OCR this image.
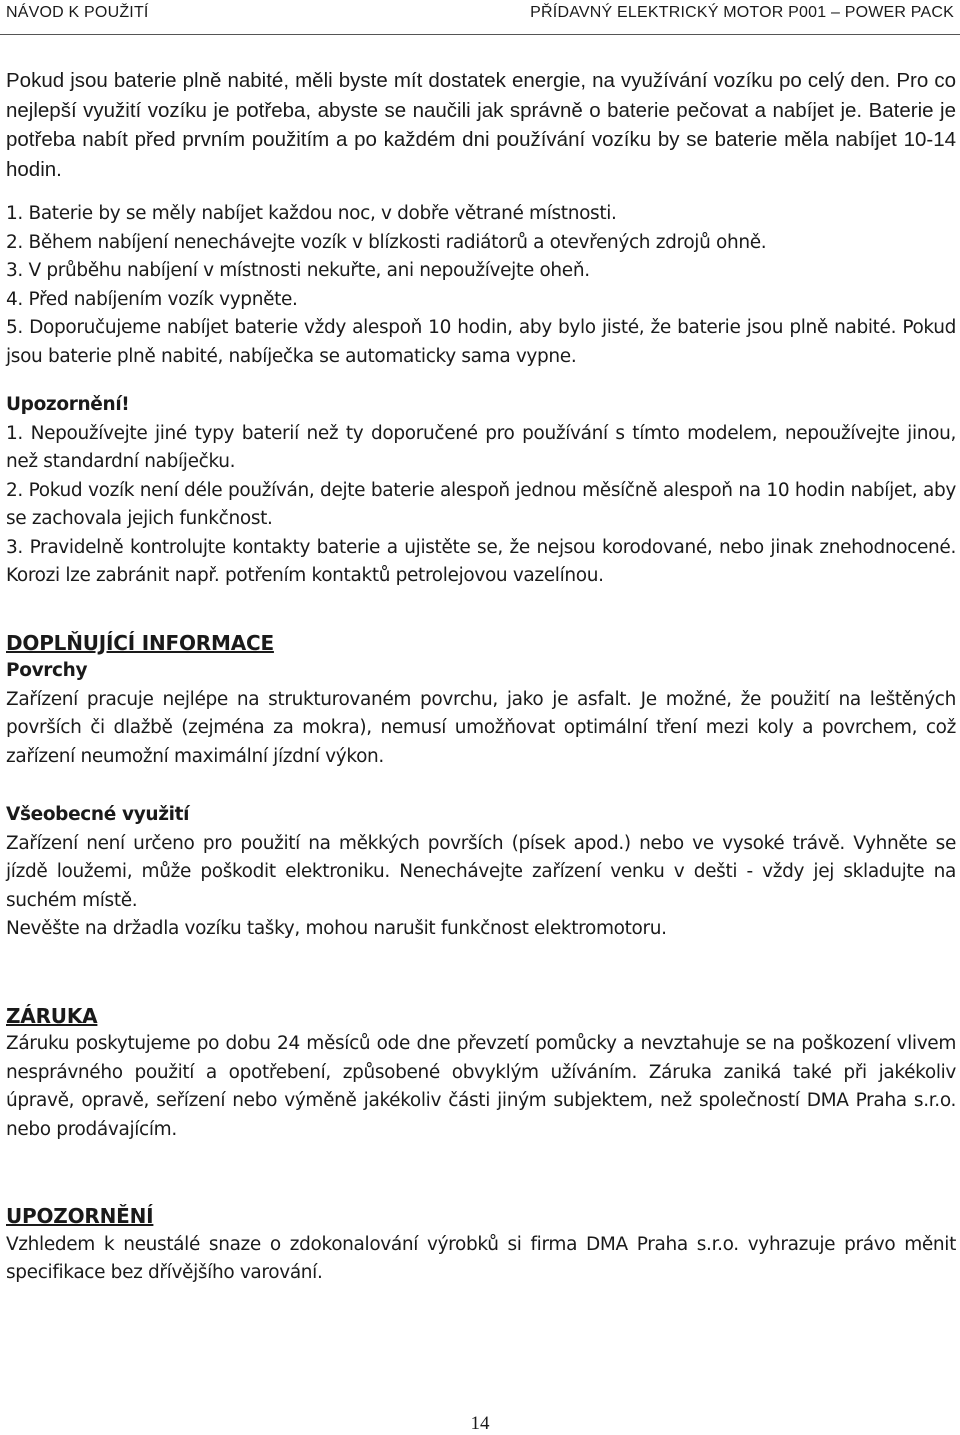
NÁVOD K POUŽITÍ	PŘÍDAVNÝ ELEKTRICKÝ MOTOR P001 – POWER PACK

Pokud jsou baterie plně nabité, měli byste mít dostatek energie, na využívání vozíku po celý den. Pro co nejlepší využití vozíku je potřeba, abyste se naučili jak správně o baterie pečovat a nabíjet je. Baterie je potřeba nabít před prvním použitím a po každém dni používání vozíku by se baterie měla nabíjet 10-14 hodin.

1. Baterie by se měly nabíjet každou noc, v dobře větrané místnosti.
2. Během nabíjení nenechávejte vozík v blízkosti radiátorů a otevřených zdrojů ohně.
3. V průběhu nabíjení v místnosti nekuřte, ani nepoužívejte oheň.
4. Před nabíjením vozík vypněte.
5. Doporučujeme nabíjet baterie vždy alespoň 10 hodin, aby bylo jisté, že baterie jsou plně nabité. Pokud jsou baterie plně nabité, nabíječka se automaticky sama vypne.

Upozornění!

1. Nepoužívejte jiné typy baterií než ty doporučené pro používání s tímto modelem, nepoužívejte jinou, než standardní nabíječku.

2. Pokud vozík není déle používán, dejte baterie alespoň jednou měsíčně alespoň na 10 hodin nabíjet, aby se zachovala jejich funkčnost.

3. Pravidelně kontrolujte kontakty baterie a ujistěte se, že nejsou korodované, nebo jinak znehodnocené. Korozi lze zabránit např. potřením kontaktů petrolejovou vazelínou.

DOPLŇUJÍCÍ INFORMACE

Povrchy

Zařízení pracuje nejlépe na strukturovaném povrchu, jako je asfalt. Je možné, že použití na leštěných površích či dlažbě (zejména za mokra), nemusí umožňovat optimální tření mezi koly a povrchem, což zařízení neumožní maximální jízdní výkon.

Všeobecné využití

Zařízení není určeno pro použití na měkkých površích (písek apod.) nebo ve vysoké trávě. Vyhněte se jízdě loužemi, může poškodit elektroniku. Nenechávejte zařízení venku v dešti - vždy jej skladujte na suchém místě.

Nevěšte na držadla vozíku tašky, mohou narušit funkčnost elektromotoru.

ZÁRUKA

Záruku poskytujeme po dobu 24 měsíců ode dne převzetí pomůcky a nevztahuje se na poškození vlivem nesprávného použití a opotřebení, způsobené obvyklým užíváním. Záruka zaniká také při jakékoliv úpravě, opravě, seřízení nebo výměně jakékoliv části jiným subjektem, než společností DMA Praha s.r.o. nebo prodávajícím.

UPOZORNĚNÍ

Vzhledem k neustálé snaze o zdokonalování výrobků si firma DMA Praha s.r.o. vyhrazuje právo měnit specifikace bez dřívějšího varování.

14
